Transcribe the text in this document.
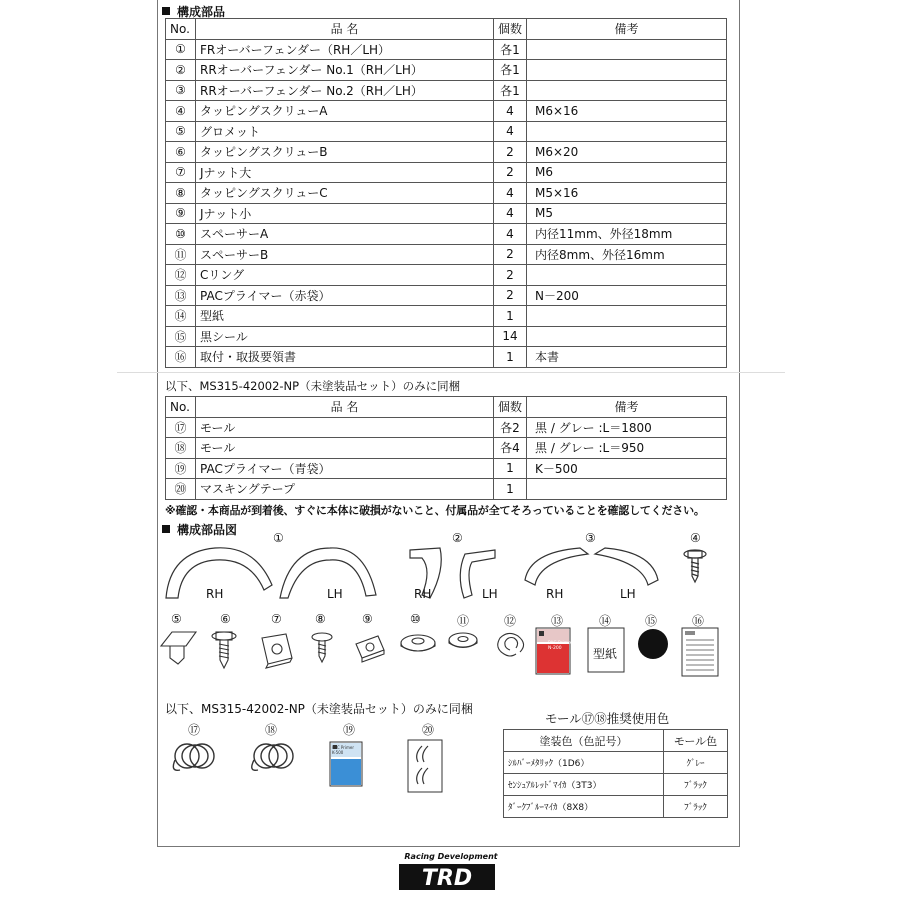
構成部品
No.	品 名	個数	備考
①	FRオーバーフェンダー（RH／LH）	各1	
②	RRオーバーフェンダー No.1（RH／LH）	各1	
③	RRオーバーフェンダー No.2（RH／LH）	各1	
④	タッピングスクリューA	4	M6×16
⑤	グロメット	4	
⑥	タッピングスクリューB	2	M6×20
⑦	Jナット大	2	M6
⑧	タッピングスクリューC	4	M5×16
⑨	Jナット小	4	M5
⑩	スペーサーA	4	内径11mm、外径18mm
⑪	スペーサーB	2	内径8mm、外径16mm
⑫	Cリング	2	
⑬	PACプライマー（赤袋）	2	N－200
⑭	型紙	1	
⑮	黒シール	14	
⑯	取付・取扱要領書	1	本書
以下、MS315-42002-NP（未塗装品セット）のみに同梱
No.	品 名	個数	備考
⑰	モール	各2	黒 / グレー :L＝1800
⑱	モール	各4	黒 / グレー :L＝950
⑲	PACプライマー（青袋）	1	K－500
⑳	マスキングテープ	1	
※確認・本商品が到着後、すぐに本体に破損がないこと、付属品が全てそろっていることを確認してください。
構成部品図
①	②	③	④
RH	LH	RH	LH	RH	LH
⑤	⑥	⑦	⑧	⑨	⑩	⑪	⑫	⑬	⑭	⑮	⑯
PAC Primer
N-200	型紙
以下、MS315-42002-NP（未塗装品セット）のみに同梱
⑰	⑱	⑲	⑳
PAC Primer
K-500
モール⑰⑱推奨使用色
塗装色（色記号）	モール色
ｼﾙﾊﾞｰﾒﾀﾘｯｸ（1D6）	ｸﾞﾚｰ
ｾﾝｼｭｱﾙﾚｯﾄﾞﾏｲｶ（3T3）	ﾌﾞﾗｯｸ
ﾀﾞｰｸﾌﾞﾙｰﾏｲｶ（8X8）	ﾌﾞﾗｯｸ
Racing Development
TRD
